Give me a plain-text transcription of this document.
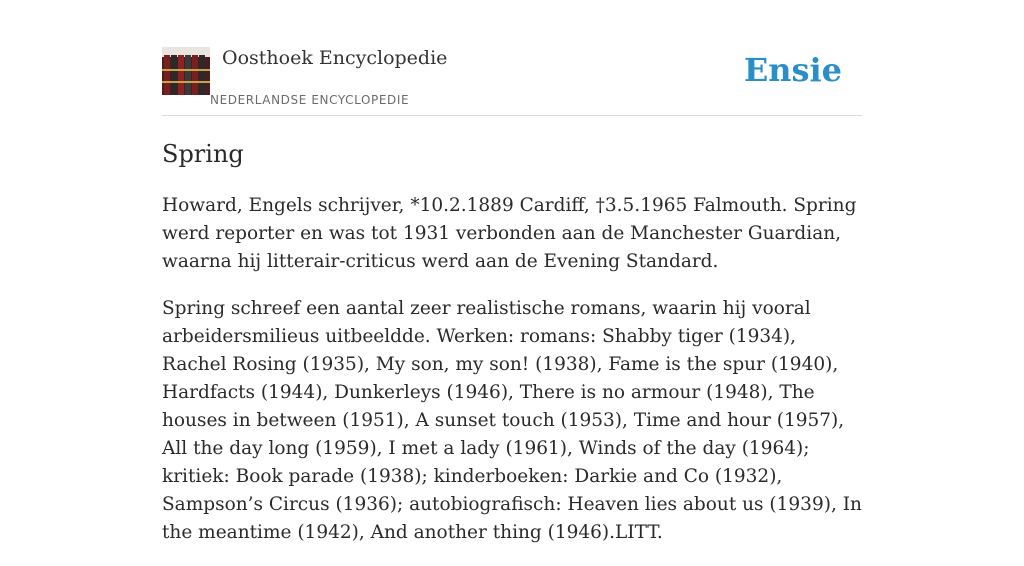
Oosthoek Encyclopedie
NEDERLANDSE ENCYCLOPEDIE
Ensie
Spring

Howard, Engels schrijver, *10.2.1889 Cardiff, †3.5.1965 Falmouth. Spring werd reporter en was tot 1931 verbonden aan de Manchester Guardian, waarna hij litterair-criticus werd aan de Evening Standard.

Spring schreef een aantal zeer realistische romans, waarin hij vooral arbeidersmilieus uitbeeldde. Werken: romans: Shabby tiger (1934), Rachel Rosing (1935), My son, my son! (1938), Fame is the spur (1940), Hardfacts (1944), Dunkerleys (1946), There is no armour (1948), The houses in between (1951), A sunset touch (1953), Time and hour (1957), All the day long (1959), I met a lady (1961), Winds of the day (1964); kritiek: Book parade (1938); kinderboeken: Darkie and Co (1932), Sampson’s Circus (1936); autobiografisch: Heaven lies about us (1939), In the meantime (1942), And another thing (1946).LITT.
